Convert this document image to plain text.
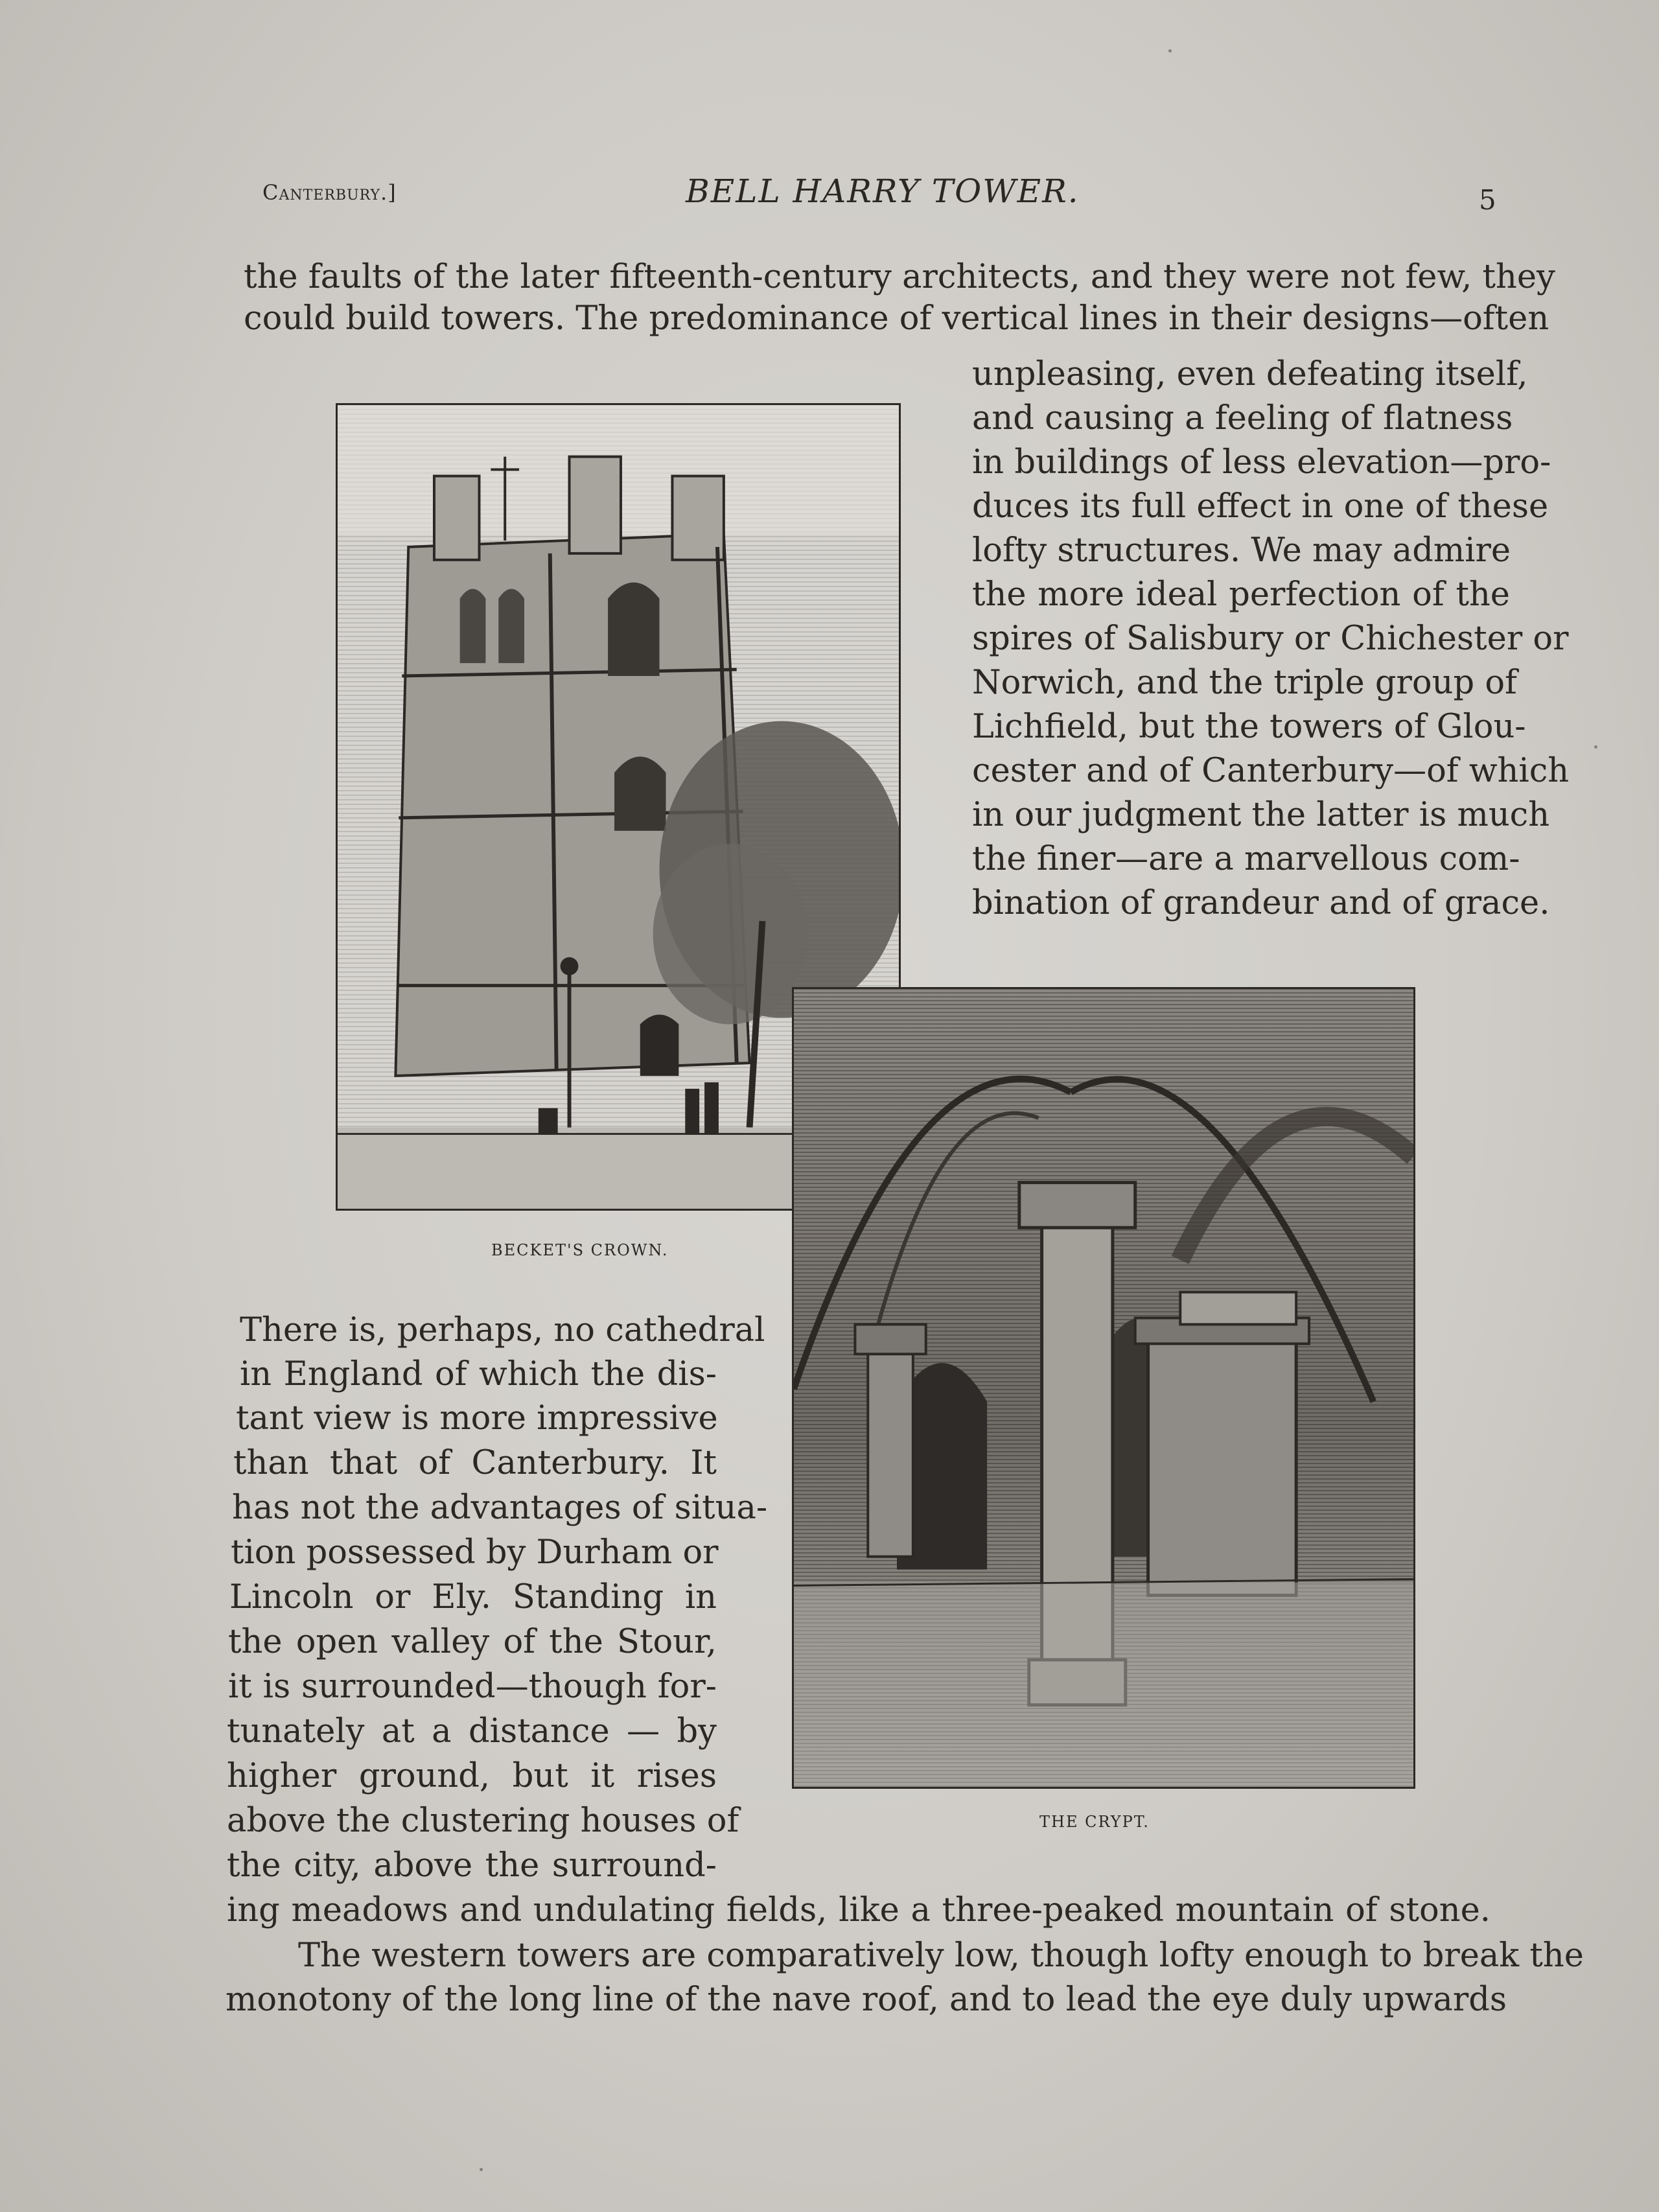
Canterbury.]	BELL HARRY TOWER.	5
the faults of the later fifteenth-century architects, and they were not few, they
could build towers. The predominance of vertical lines in their designs—often
unpleasing, even defeating itself,
and causing a feeling of flatness
in buildings of less elevation—pro-
duces its full effect in one of these
lofty structures. We may admire
the more ideal perfection of the
spires of Salisbury or Chichester or
Norwich, and the triple group of
Lichfield, but the towers of Glou-
cester and of Canterbury—of which
in our judgment the latter is much
the finer—are a marvellous com-
bination of grandeur and of grace.
BECKET'S CROWN.
THE CRYPT.
There is, perhaps, no cathedral
in England of which the dis-
tant view is more impressive
than that of Canterbury. It
has not the advantages of situa-
tion possessed by Durham or
Lincoln or Ely. Standing in
the open valley of the Stour,
it is surrounded—though for-
tunately at a distance — by
higher ground, but it rises
above the clustering houses of
the city, above the surround-
ing meadows and undulating fields, like a three-peaked mountain of stone.
The western towers are comparatively low, though lofty enough to break the
monotony of the long line of the nave roof, and to lead the eye duly upwards
